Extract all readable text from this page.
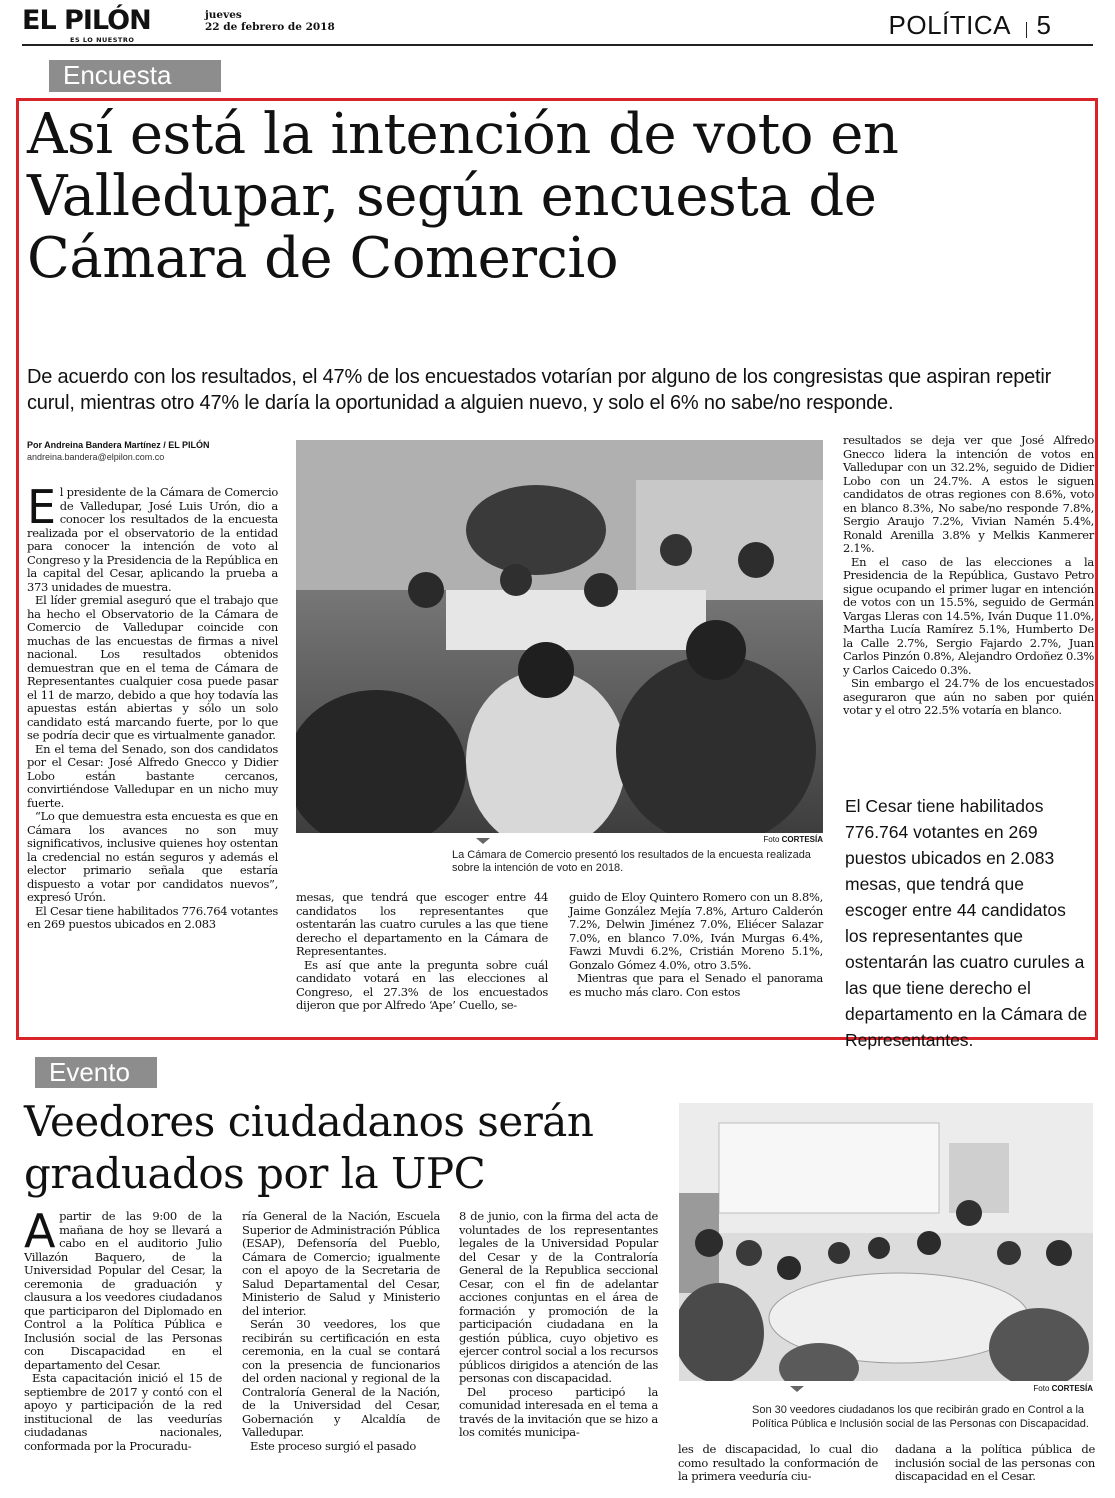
EL PILÓN
ES LO NUESTRO
jueves
22 de febrero de 2018	POLÍTICA 5
Encuesta
Así está la intención de voto en Valledupar, según encuesta de Cámara de Comercio
De acuerdo con los resultados, el 47% de los encuestados votarían por alguno de los congresistas que aspiran repetir curul, mientras otro 47% le daría la oportunidad a alguien nuevo, y solo el 6% no sabe/no responde.
Por Andreina Bandera Martínez / EL PILÓN
andreina.bandera@elpilon.com.co
E l presidente de la Cámara de Comercio de Valledupar, José Luis Urón, dio a conocer los resultados de la encuesta realizada por el observatorio de la entidad para conocer la intención de voto al Congreso y la Presidencia de la República en la capital del Cesar, aplicando la prueba a 373 unidades de muestra.

El líder gremial aseguró que el trabajo que ha hecho el Observatorio de la Cámara de Comercio de Valledupar coincide con muchas de las encuestas de firmas a nivel nacional. Los resultados obtenidos demuestran que en el tema de Cámara de Representantes cualquier cosa puede pasar el 11 de marzo, debido a que hoy todavía las apuestas están abiertas y sólo un solo candidato está marcando fuerte, por lo que se podría decir que es virtualmente ganador.

En el tema del Senado, son dos candidatos por el Cesar: José Alfredo Gnecco y Didier Lobo están bastante cercanos, convirtiéndose Valledupar en un nicho muy fuerte.

“Lo que demuestra esta encuesta es que en Cámara los avances no son muy significativos, inclusive quienes hoy ostentan la credencial no están seguros y además el elector primario señala que estaría dispuesto a votar por candidatos nuevos”, expresó Urón.

El Cesar tiene habilitados 776.764 votantes en 269 puestos ubicados en 2.083

Foto CORTESÍA
La Cámara de Comercio presentó los resultados de la encuesta realizada sobre la intención de voto en 2018.

mesas, que tendrá que escoger entre 44 candidatos los representantes que ostentarán las cuatro curules a las que tiene derecho el departamento en la Cámara de Representantes.

Es así que ante la pregunta sobre cuál candidato votará en las elecciones al Congreso, el 27.3% de los encuestados dijeron que por Alfredo ‘Ape’ Cuello, se-

guido de Eloy Quintero Romero con un 8.8%, Jaime González Mejía 7.8%, Arturo Calderón 7.2%, Delwin Jiménez 7.0%, Eliécer Salazar 7.0%, en blanco 7.0%, Iván Murgas 6.4%, Fawzi Muvdi 6.2%, Cristián Moreno 5.1%, Gonzalo Gómez 4.0%, otro 3.5%.

Mientras que para el Senado el panorama es mucho más claro. Con estos

resultados se deja ver que José Alfredo Gnecco lidera la intención de votos en Valledupar con un 32.2%, seguido de Didier Lobo con un 24.7%. A estos le siguen candidatos de otras regiones con 8.6%, voto en blanco 8.3%, No sabe/no responde 7.8%, Sergio Araujo 7.2%, Vivian Namén 5.4%, Ronald Arenilla 3.8% y Melkis Kanmerer 2.1%.

En el caso de las elecciones a la Presidencia de la República, Gustavo Petro sigue ocupando el primer lugar en intención de votos con un 15.5%, seguido de Germán Vargas Lleras con 14.5%, Iván Duque 11.0%, Martha Lucía Ramírez 5.1%, Humberto De la Calle 2.7%, Sergio Fajardo 2.7%, Juan Carlos Pinzón 0.8%, Alejandro Ordoñez 0.3% y Carlos Caicedo 0.3%.

Sin embargo el 24.7% de los encuestados aseguraron que aún no saben por quién votar y el otro 22.5% votaría en blanco.

El Cesar tiene habilitados 776.764 votantes en 269 puestos ubicados en 2.083 mesas, que tendrá que escoger entre 44 candidatos los representantes que ostentarán las cuatro curules a las que tiene derecho el departamento en la Cámara de Representantes.
Evento
Veedores ciudadanos serán graduados por la UPC
A partir de las 9:00 de la mañana de hoy se llevará a cabo en el auditorio Julio Villazón Baquero, de la Universidad Popular del Cesar, la ceremonia de graduación y clausura a los veedores ciudadanos que participaron del Diplomado en Control a la Política Pública e Inclusión social de las Personas con Discapacidad en el departamento del Cesar.

Esta capacitación inició el 15 de septiembre de 2017 y contó con el apoyo y participación de la red institucional de las veedurías ciudadanas nacionales, conformada por la Procuradu-

ría General de la Nación, Escuela Superior de Administración Pública (ESAP), Defensoría del Pueblo, Cámara de Comercio; igualmente con el apoyo de la Secretaria de Salud Departamental del Cesar, Ministerio de Salud y Ministerio del interior.

Serán 30 veedores, los que recibirán su certificación en esta ceremonia, en la cual se contará con la presencia de funcionarios del orden nacional y regional de la Contraloría General de la Nación, de la Universidad del Cesar, Gobernación y Alcaldía de Valledupar.

Este proceso surgió el pasado

8 de junio, con la firma del acta de voluntades de los representantes legales de la Universidad Popular del Cesar y de la Contraloría General de la Republica seccional Cesar, con el fin de adelantar acciones conjuntas en el área de formación y promoción de la participación ciudadana en la gestión pública, cuyo objetivo es ejercer control social a los recursos públicos dirigidos a atención de las personas con discapacidad.

Del proceso participó la comunidad interesada en el tema a través de la invitación que se hizo a los comités municipa-

Foto CORTESÍA
Son 30 veedores ciudadanos los que recibirán grado en Control a la Política Pública e Inclusión social de las Personas con Discapacidad.

les de discapacidad, lo cual dio como resultado la conformación de la primera veeduría ciu-

dadana a la política pública de inclusión social de las personas con discapacidad en el Cesar.
